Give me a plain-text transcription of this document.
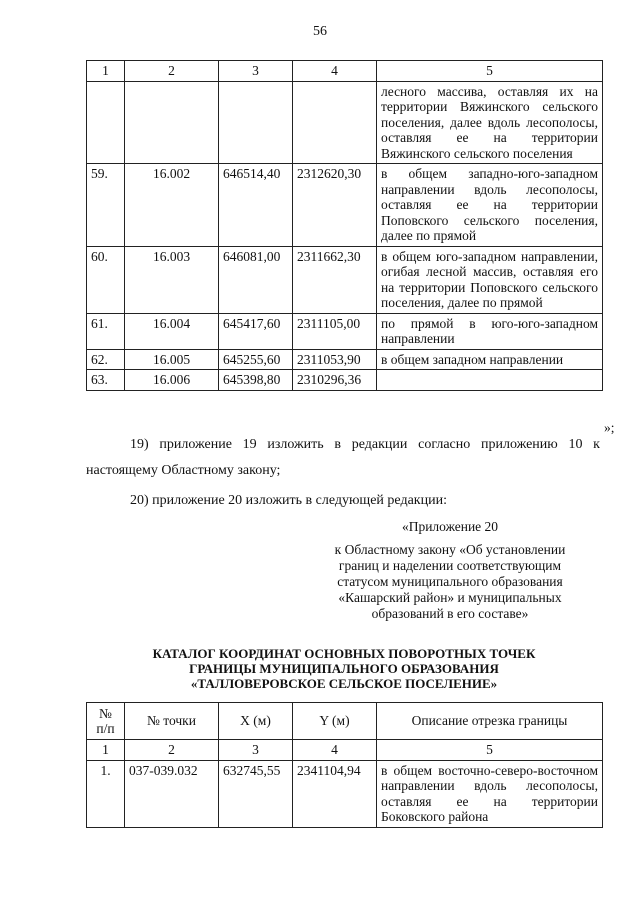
56
1	2	3	4	5
				лесного массива, оставляя их на территории Вяжинского сельского поселения, далее вдоль лесополосы, оставляя ее на территории Вяжинского сельского поселения
59.	16.002	646514,40	2312620,30	в общем западно-юго-западном направлении вдоль лесополосы, оставляя ее на территории Поповского сельского поселения, далее по прямой
60.	16.003	646081,00	2311662,30	в общем юго-западном направлении, огибая лесной массив, оставляя его на территории Поповского сельского поселения, далее по прямой
61.	16.004	645417,60	2311105,00	по прямой в юго-юго-западном направлении
62.	16.005	645255,60	2311053,90	в общем западном направлении
63.	16.006	645398,80	2310296,36	
»;
19) приложение 19 изложить в редакции согласно приложению 10 к
настоящему Областному закону;
20) приложение 20 изложить в следующей редакции:
«Приложение 20
к Областному закону «Об установлении
границ и наделении соответствующим
статусом муниципального образования
«Кашарский район» и муниципальных
образований в его составе»
КАТАЛОГ КООРДИНАТ ОСНОВНЫХ ПОВОРОТНЫХ ТОЧЕК
ГРАНИЦЫ МУНИЦИПАЛЬНОГО ОБРАЗОВАНИЯ
«ТАЛЛОВЕРОВСКОЕ СЕЛЬСКОЕ ПОСЕЛЕНИЕ»
№
п/п	№ точки	X (м)	Y (м)	Описание отрезка границы
1	2	3	4	5
1.	037-039.032	632745,55	2341104,94	в общем восточно-северо-восточном направлении вдоль лесополосы, оставляя ее на территории Боковского района
